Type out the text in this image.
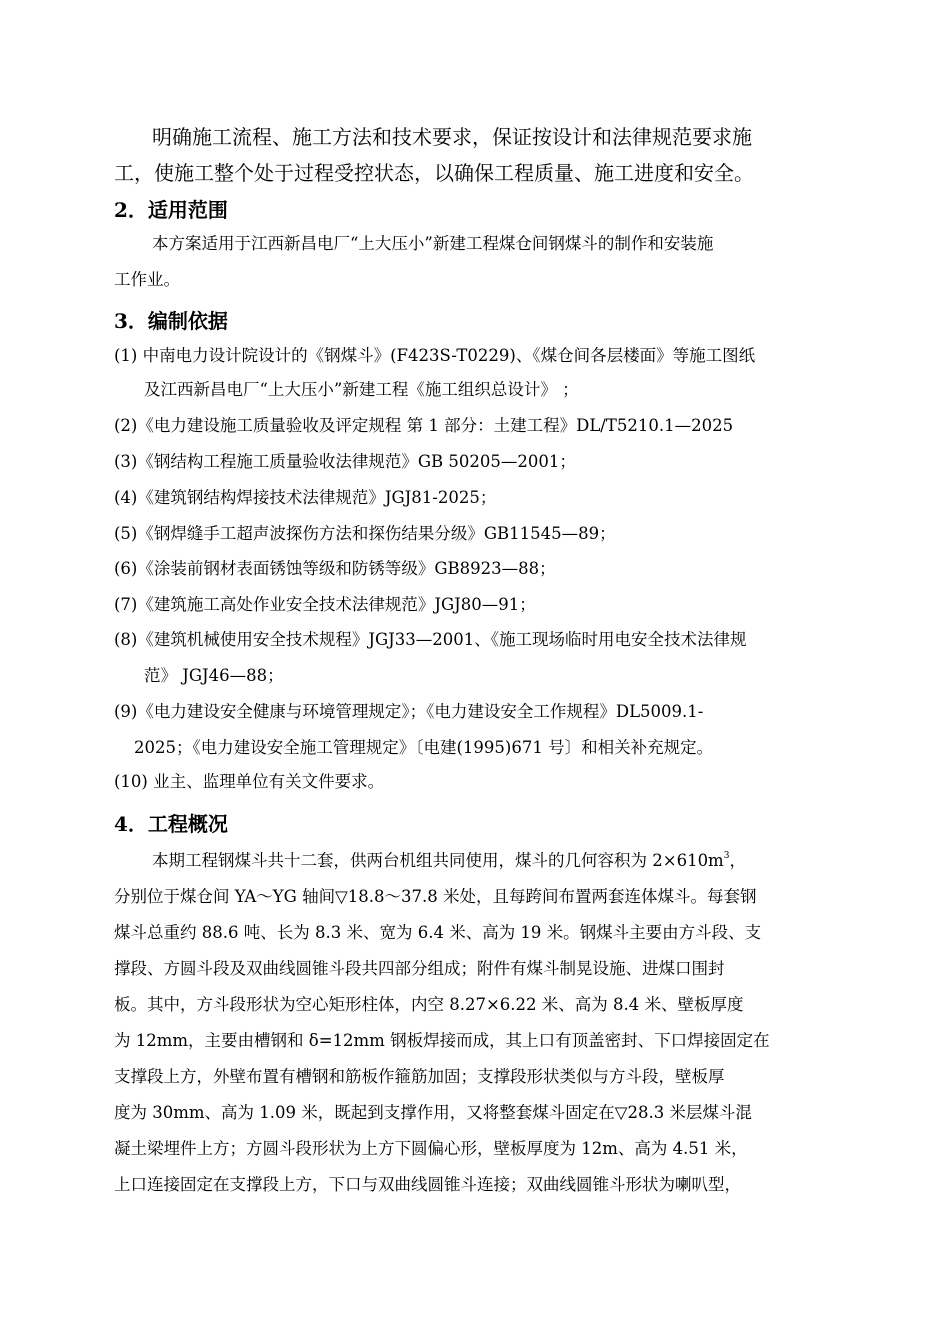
明确施工流程、施工方法和技术要求，保证按设计和法律规范要求施
工，使施工整个处于过程受控状态，以确保工程质量、施工进度和安全。
2．适用范围
本方案适用于江西新昌电厂“上大压小”新建工程煤仓间钢煤斗的制作和安装施
工作业。
3．编制依据
(1) 中南电力设计院设计的《钢煤斗》(F423S-T0229)、《煤仓间各层楼面》等施工图纸
及江西新昌电厂“上大压小”新建工程《施工组织总设计》 ；
(2)《电力建设施工质量验收及评定规程 第 1 部分：土建工程》DL/T5210.1—2025
(3)《钢结构工程施工质量验收法律规范》GB 50205—2001；
(4)《建筑钢结构焊接技术法律规范》JGJ81-2025；
(5)《钢焊缝手工超声波探伤方法和探伤结果分级》GB11545—89；
(6)《涂装前钢材表面锈蚀等级和防锈等级》GB8923—88；
(7)《建筑施工高处作业安全技术法律规范》JGJ80—91；
(8)《建筑机械使用安全技术规程》JGJ33—2001、《施工现场临时用电安全技术法律规
范》 JGJ46—88；
(9)《电力建设安全健康与环境管理规定》；《电力建设安全工作规程》DL5009.1-
2025；《电力建设安全施工管理规定》〔电建(1995)671 号〕和相关补充规定。
(10) 业主、监理单位有关文件要求。
4．工程概况
本期工程钢煤斗共十二套，供两台机组共同使用，煤斗的几何容积为 $2\times 610m^3$，
分别位于煤仓间 YA～YG 轴间▽18.8～37.8 米处，且每跨间布置两套连体煤斗。每套钢
煤斗总重约 88.6 吨、长为 8.3 米、宽为 6.4 米、高为 19 米。钢煤斗主要由方斗段、支
撑段、方圆斗段及双曲线圆锥斗段共四部分组成；附件有煤斗制晃设施、进煤口围封
板。其中，方斗段形状为空心矩形柱体，内空 8.27×6.22 米、高为 8.4 米、壁板厚度
为 12mm，主要由槽钢和 δ=12mm 钢板焊接而成，其上口有顶盖密封、下口焊接固定在
支撑段上方，外壁布置有槽钢和筋板作箍筋加固；支撑段形状类似与方斗段，壁板厚
度为 30mm、高为 1.09 米，既起到支撑作用，又将整套煤斗固定在▽28.3 米层煤斗混
凝土梁埋件上方；方圆斗段形状为上方下圆偏心形，壁板厚度为 12m、高为 4.51 米，
上口连接固定在支撑段上方，下口与双曲线圆锥斗连接；双曲线圆锥斗形状为喇叭型，
